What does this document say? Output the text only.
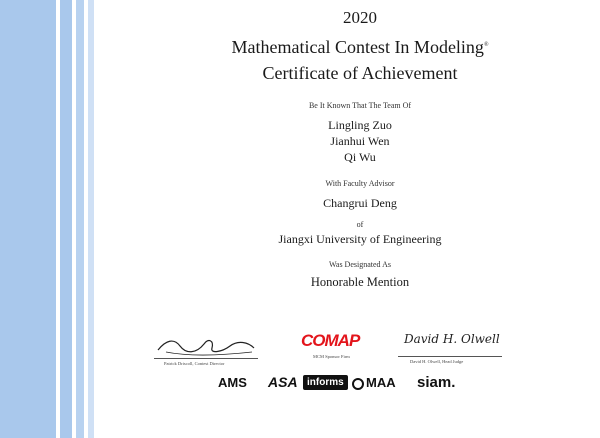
2020
Mathematical Contest In Modeling®
Certificate of Achievement
Be It Known That The Team Of
Lingling Zuo
Jianhui Wen
Qi Wu
With Faculty Advisor
Changrui Deng
of
Jiangxi University of Engineering
Was Designated As
Honorable Mention
Patrick Driscoll, Contest Director
COMAP
MCM Sponsor Firm
David H. Olwell
David H. Olwell, Head Judge
AMS ASA informs	MAA siam.
